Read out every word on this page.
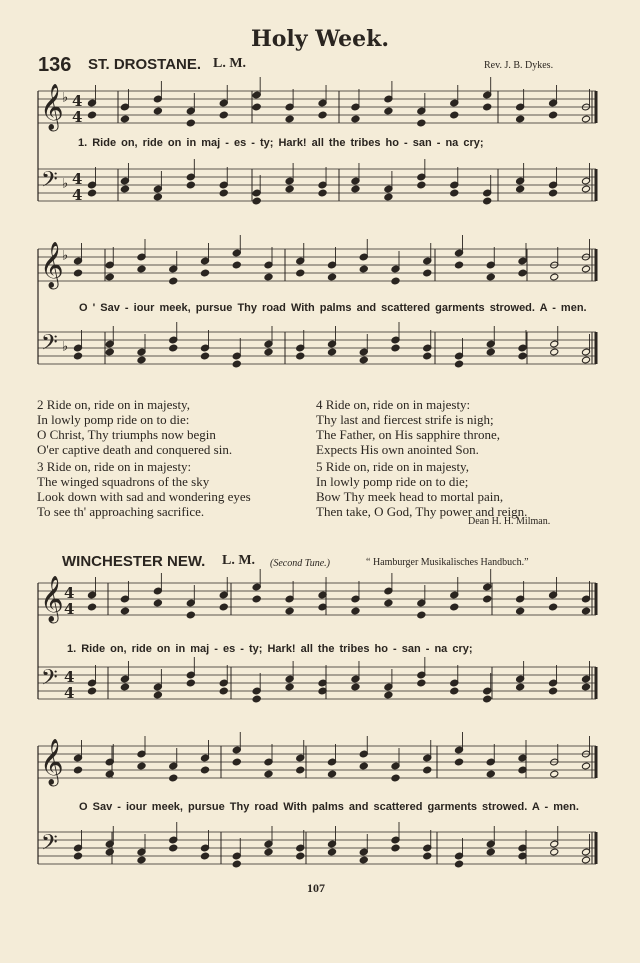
Holy Week.
136 ST. DROSTANE. L. M.	Rev. J. B. Dykes.
𝄞
𝄢
♭
♭
4
4
4
4
𝄞
𝄢
♭
♭
1. Ride on, ride on in maj - es - ty; Hark! all the tribes ho - san - na cry;
O ' Sav - iour meek, pursue Thy road With palms and scattered garments strowed. A - men.
2 Ride on, ride on in majesty,
In lowly pomp ride on to die:
O Christ, Thy triumphs now begin
O'er captive death and conquered sin.
3 Ride on, ride on in majesty:
The winged squadrons of the sky
Look down with sad and wondering eyes
To see th' approaching sacrifice.
4 Ride on, ride on in majesty:
Thy last and fiercest strife is nigh;
The Father, on His sapphire throne,
Expects His own anointed Son.
5 Ride on, ride on in majesty,
In lowly pomp ride on to die;
Bow Thy meek head to mortal pain,
Then take, O God, Thy power and reign.
Dean H. H. Milman.
WINCHESTER NEW. L. M. (Second Tune.)	“ Hamburger Musikalisches Handbuch.”
𝄞
𝄢
4
4
4
4
𝄞
𝄢
1. Ride on, ride on in maj - es - ty; Hark! all the tribes ho - san - na cry;
O Sav - iour meek, pursue Thy road With palms and scattered garments strowed. A - men.
107
